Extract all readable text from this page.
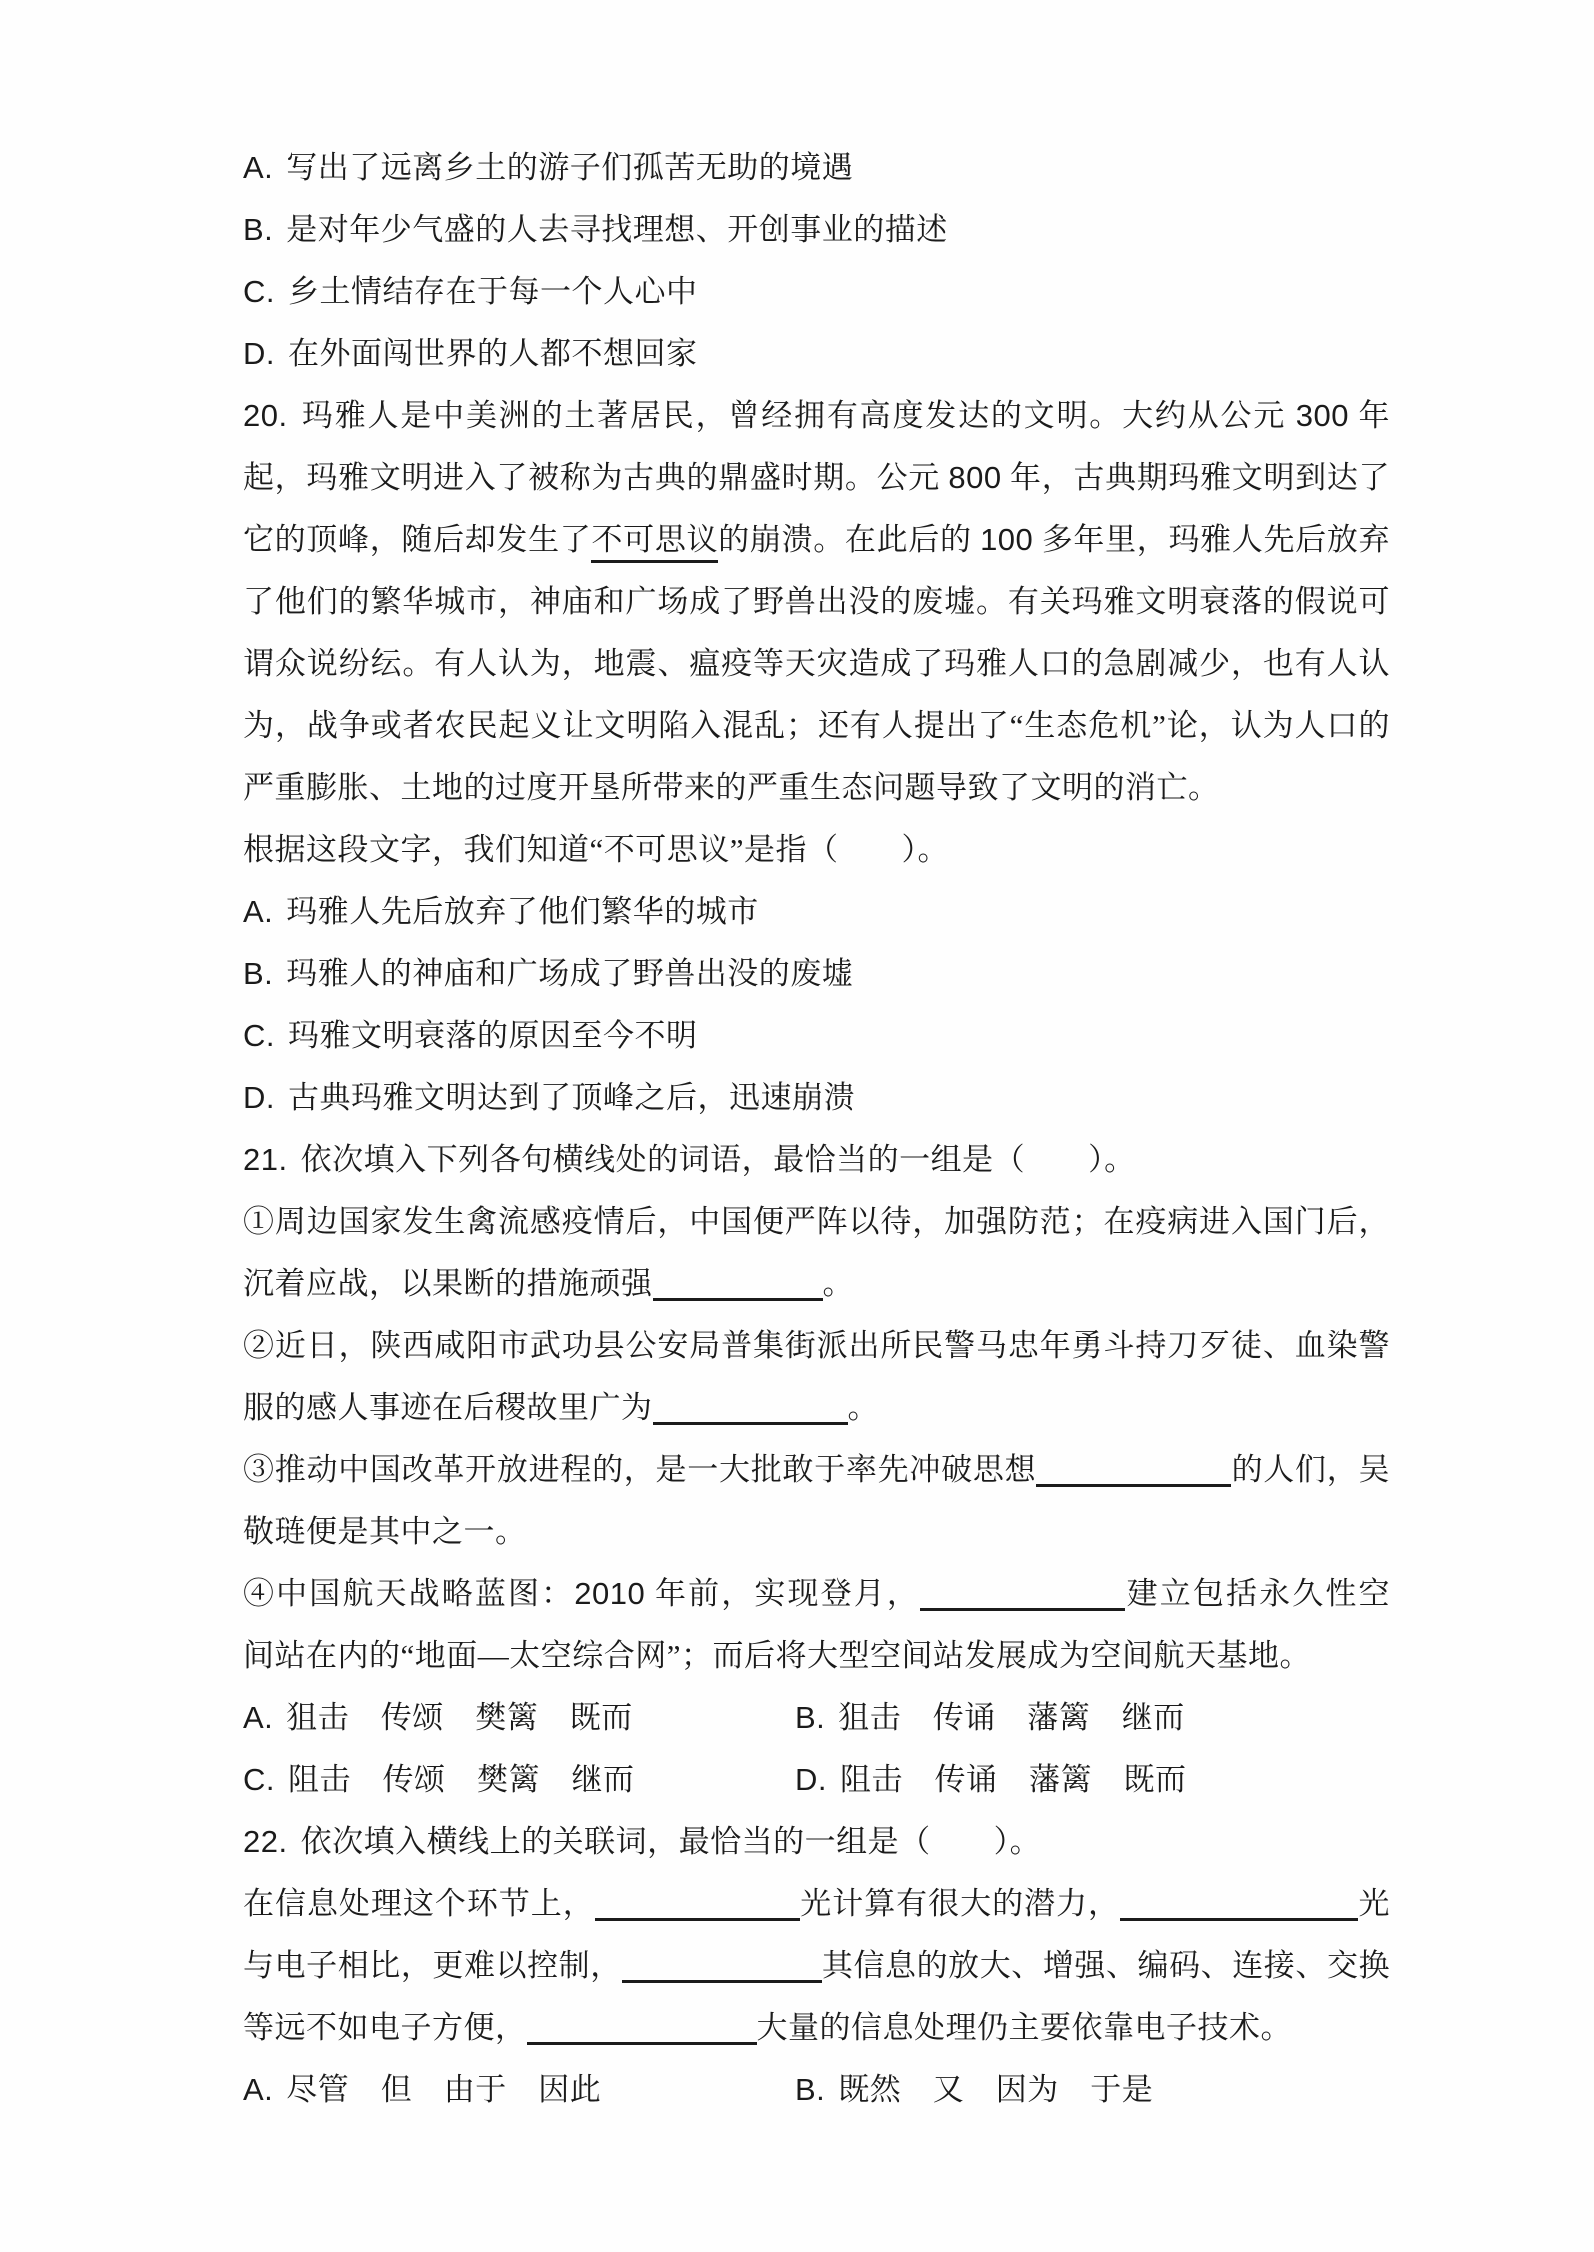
A. 写出了远离乡土的游子们孤苦无助的境遇
B. 是对年少气盛的人去寻找理想、开创事业的描述
C. 乡土情结存在于每一个人心中
D. 在外面闯世界的人都不想回家
20. 玛雅人是中美洲的土著居民，曾经拥有高度发达的文明。大约从公元 300 年
起，玛雅文明进入了被称为古典的鼎盛时期。公元 800 年，古典期玛雅文明到达了
它的顶峰，随后却发生了不可思议的崩溃。在此后的 100 多年里，玛雅人先后放弃
了他们的繁华城市，神庙和广场成了野兽出没的废墟。有关玛雅文明衰落的假说可
谓众说纷纭。有人认为，地震、瘟疫等天灾造成了玛雅人口的急剧减少，也有人认
为，战争或者农民起义让文明陷入混乱；还有人提出了“生态危机”论，认为人口的
严重膨胀、土地的过度开垦所带来的严重生态问题导致了文明的消亡。
根据这段文字，我们知道“不可思议”是指（　　）。
A. 玛雅人先后放弃了他们繁华的城市
B. 玛雅人的神庙和广场成了野兽出没的废墟
C. 玛雅文明衰落的原因至今不明
D. 古典玛雅文明达到了顶峰之后，迅速崩溃
21. 依次填入下列各句横线处的词语，最恰当的一组是（　　）。
①周边国家发生禽流感疫情后，中国便严阵以待，加强防范；在疫病进入国门后，
沉着应战，以果断的措施顽强	。
②近日，陕西咸阳市武功县公安局普集街派出所民警马忠年勇斗持刀歹徒、血染警
服的感人事迹在后稷故里广为	。
③推动中国改革开放进程的，是一大批敢于率先冲破思想	的人们，吴
敬琏便是其中之一。
④中国航天战略蓝图：2010 年前，实现登月，	建立包括永久性空
间站在内的“地面—太空综合网”；而后将大型空间站发展成为空间航天基地。
A. 狙击　传颂　樊篱　既而	B. 狙击　传诵　藩篱　继而
C. 阻击　传颂　樊篱　继而	D. 阻击　传诵　藩篱　既而
22. 依次填入横线上的关联词，最恰当的一组是（　　）。
在信息处理这个环节上，	光计算有很大的潜力，	光
与电子相比，更难以控制，	其信息的放大、增强、编码、连接、交换
等远不如电子方便，	大量的信息处理仍主要依靠电子技术。
A. 尽管　但　由于　因此	B. 既然　又　因为　于是
